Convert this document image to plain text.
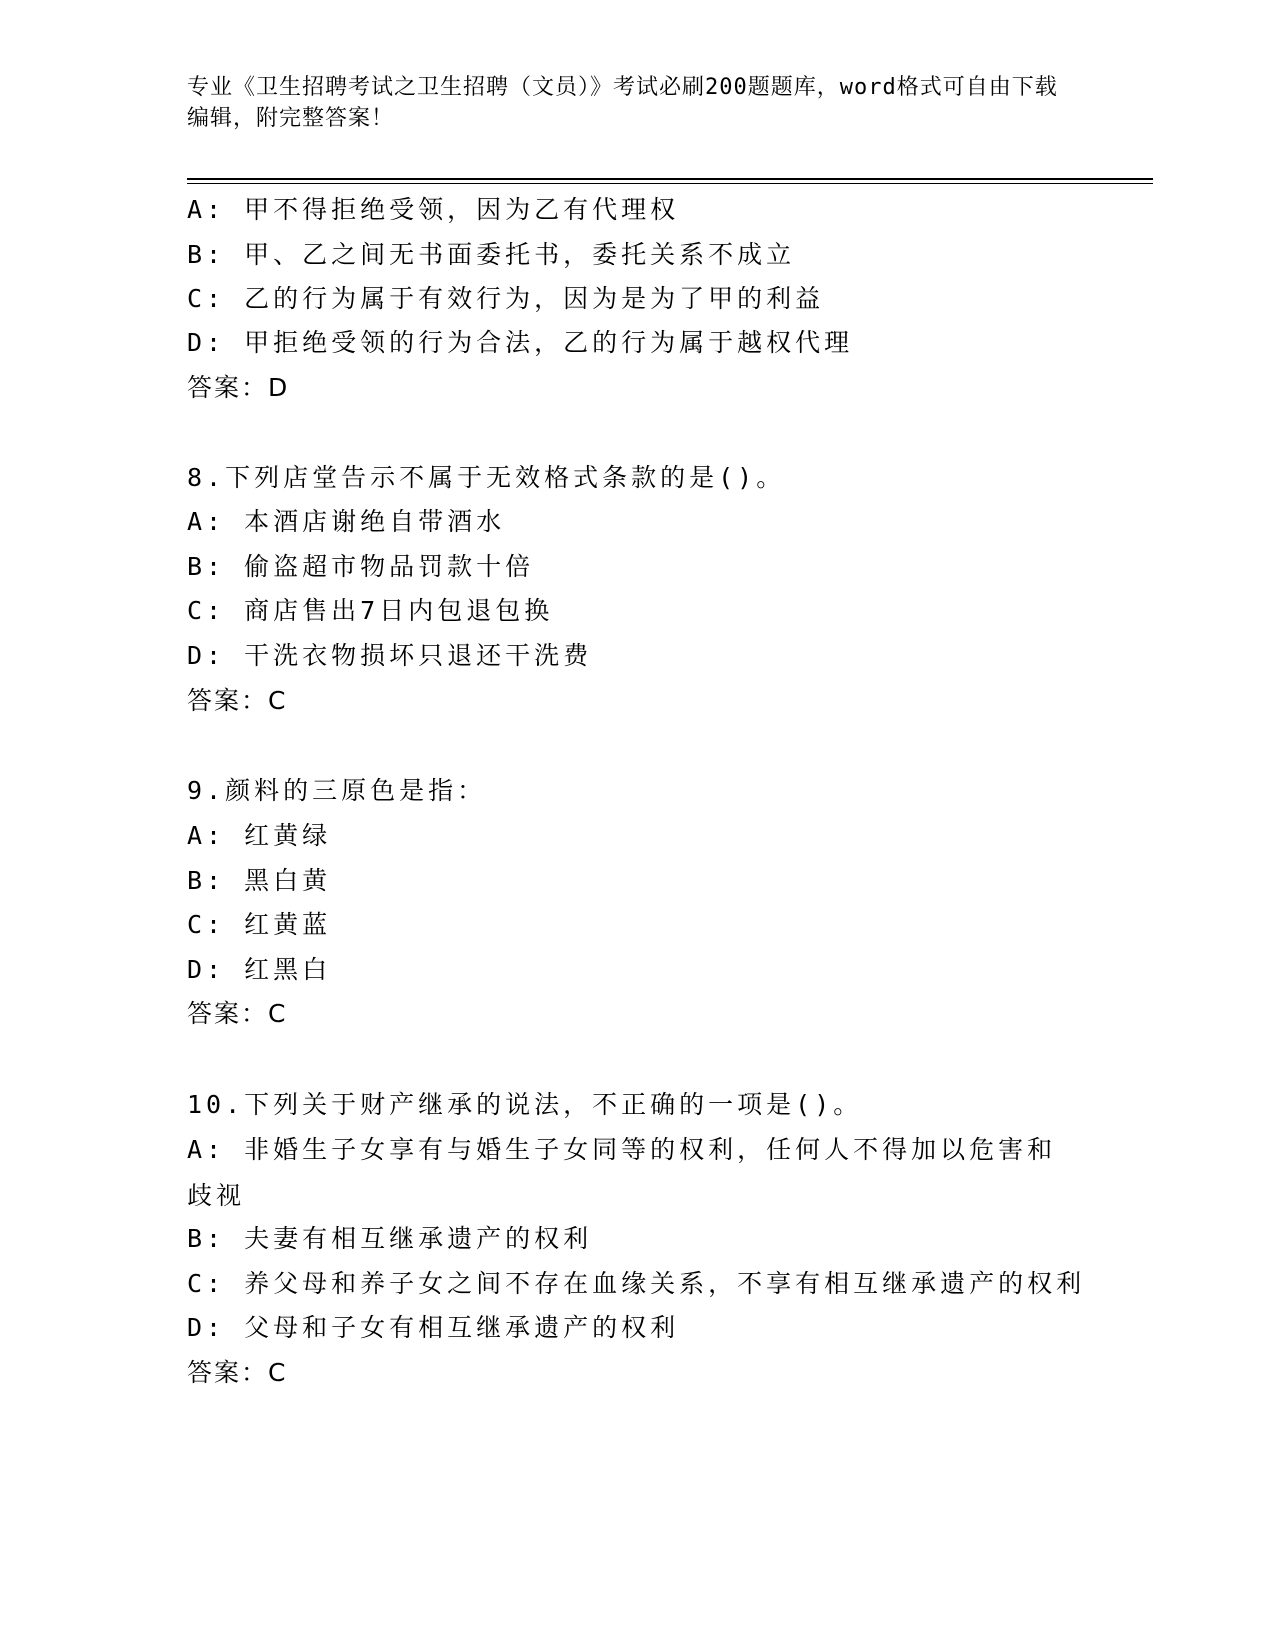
专业《卫生招聘考试之卫生招聘（文员）》考试必刷200题题库，word格式可自由下载编辑，附完整答案！
A: 甲不得拒绝受领，因为乙有代理权
B: 甲、乙之间无书面委托书，委托关系不成立
C: 乙的行为属于有效行为，因为是为了甲的利益
D: 甲拒绝受领的行为合法，乙的行为属于越权代理
答案：D
8.下列店堂告示不属于无效格式条款的是()。
A: 本酒店谢绝自带酒水
B: 偷盗超市物品罚款十倍
C: 商店售出7日内包退包换
D: 干洗衣物损坏只退还干洗费
答案：C
9.颜料的三原色是指：
A: 红黄绿
B: 黑白黄
C: 红黄蓝
D: 红黑白
答案：C
10.下列关于财产继承的说法，不正确的一项是()。
A: 非婚生子女享有与婚生子女同等的权利，任何人不得加以危害和歧视
B: 夫妻有相互继承遗产的权利
C: 养父母和养子女之间不存在血缘关系，不享有相互继承遗产的权利
D: 父母和子女有相互继承遗产的权利
答案：C
